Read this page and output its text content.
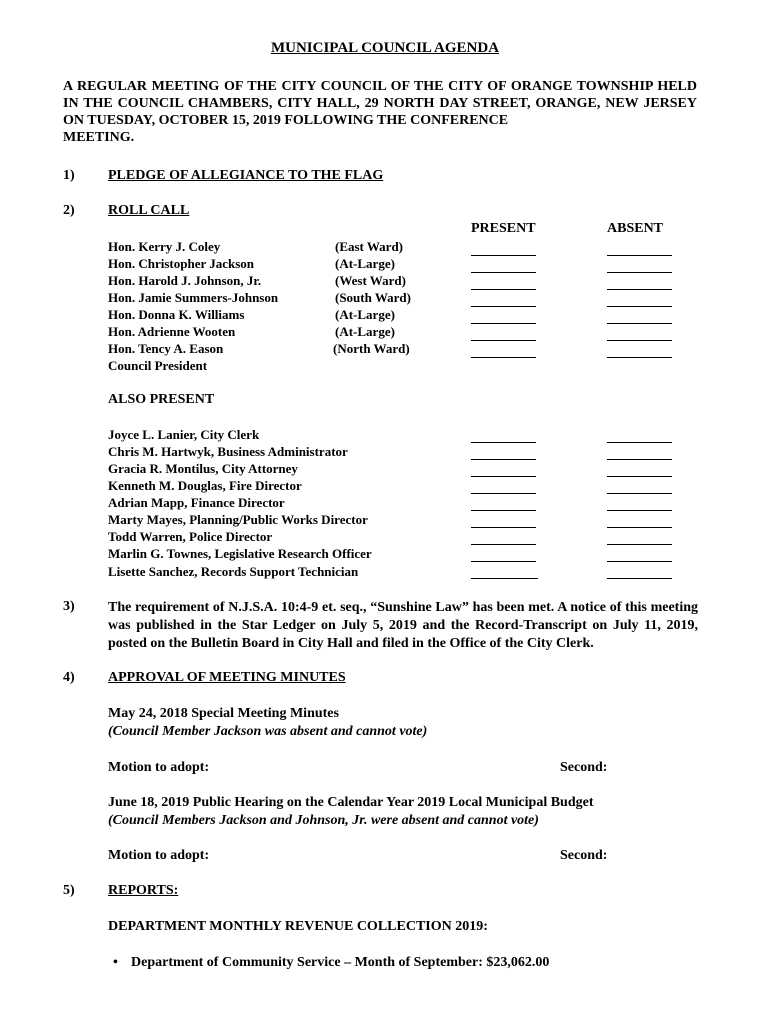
MUNICIPAL COUNCIL AGENDA
A REGULAR MEETING OF THE CITY COUNCIL OF THE CITY OF ORANGE TOWNSHIP HELD IN THE COUNCIL CHAMBERS, CITY HALL, 29 NORTH DAY STREET, ORANGE, NEW JERSEY ON TUESDAY, OCTOBER 15, 2019 FOLLOWING THE CONFERENCE
MEETING.
1) PLEDGE OF ALLEGIANCE TO THE FLAG
2) ROLL CALL
PRESENT	ABSENT
Hon. Kerry J. Coley	(East Ward)
Hon. Christopher Jackson	(At-Large)
Hon. Harold J. Johnson, Jr.	(West Ward)
Hon. Jamie Summers-Johnson	(South Ward)
Hon. Donna K. Williams	(At-Large)
Hon. Adrienne Wooten	(At-Large)
Hon. Tency A. Eason	(North Ward)
Council President
ALSO PRESENT
Joyce L. Lanier, City Clerk
Chris M. Hartwyk, Business Administrator
Gracia R. Montilus, City Attorney
Kenneth M. Douglas, Fire Director
Adrian Mapp, Finance Director
Marty Mayes, Planning/Public Works Director
Todd Warren, Police Director
Marlin G. Townes, Legislative Research Officer
Lisette Sanchez, Records Support Technician
3) The requirement of N.J.S.A. 10:4-9 et. seq., “Sunshine Law” has been met. A notice of this meeting was published in the Star Ledger on July 5, 2019 and the Record-Transcript on July 11, 2019, posted on the Bulletin Board in City Hall and filed in the Office of the City Clerk.
4) APPROVAL OF MEETING MINUTES
May 24, 2018 Special Meeting Minutes
(Council Member Jackson was absent and cannot vote)
Motion to adopt:	Second:
June 18, 2019 Public Hearing on the Calendar Year 2019 Local Municipal Budget
(Council Members Jackson and Johnson, Jr. were absent and cannot vote)
Motion to adopt:	Second:
5) REPORTS:
DEPARTMENT MONTHLY REVENUE COLLECTION 2019:
• Department of Community Service – Month of September: $23,062.00
